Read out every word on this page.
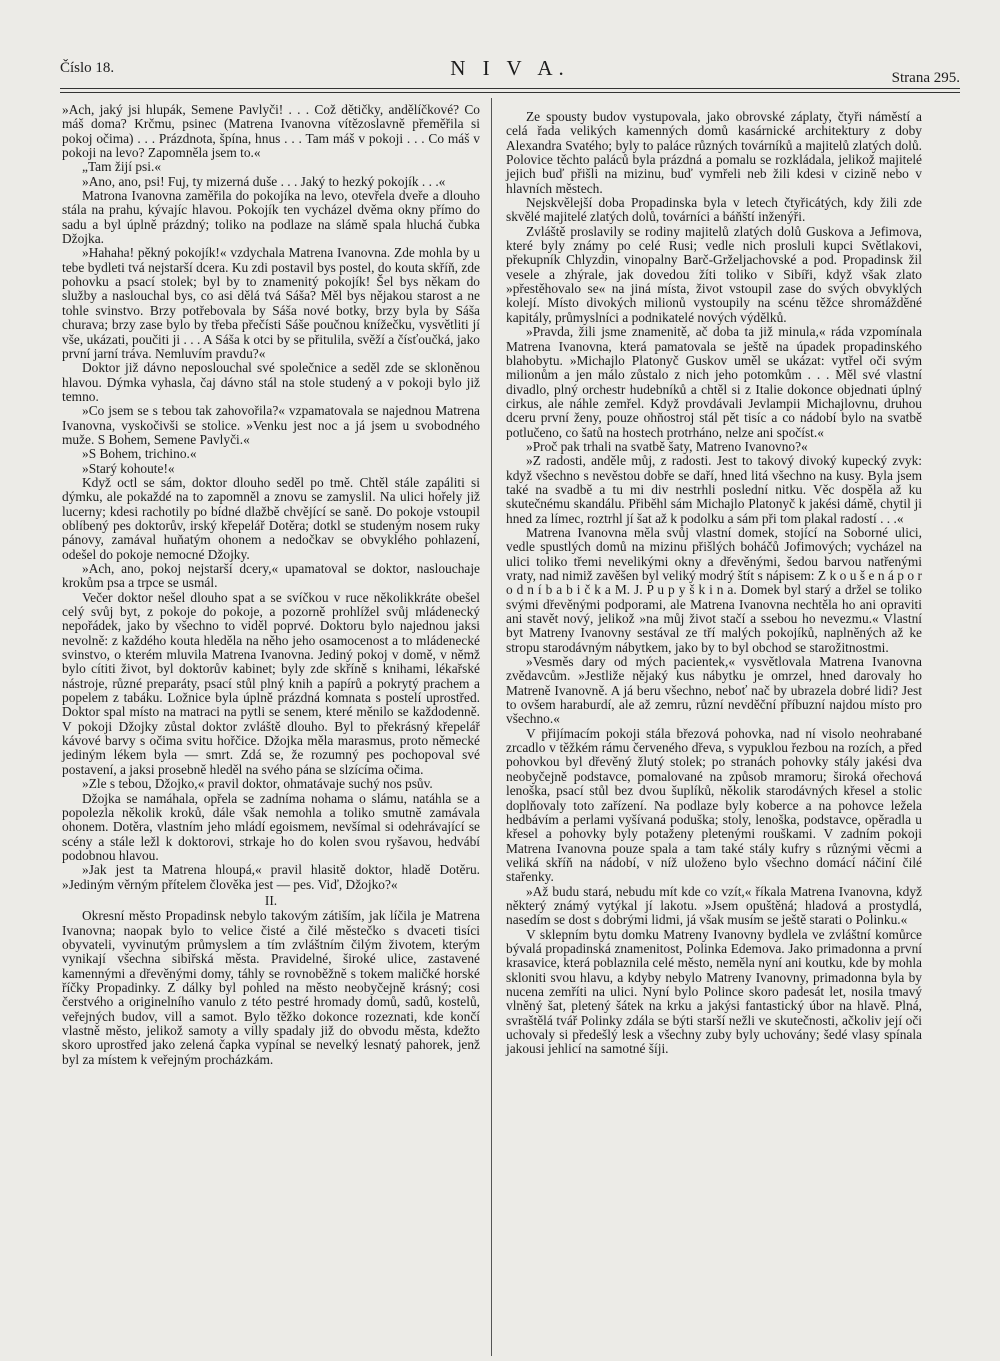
Číslo 18.	N I V A.	Strana 295.

»Ach, jaký jsi hlupák, Semene Pavlyči! . . . Což dětičky, andělíčkové? Co máš doma? Krčmu, psinec (Matrena Ivanovna vítězoslavně přeměřila si pokoj očima) . . . Prázdnota, špína, hnus . . . Tam máš v pokoji . . . Co máš v pokoji na levo? Zapomněla jsem to.«

„Tam žijí psi.«

»Ano, ano, psi! Fuj, ty mizerná duše . . . Jaký to hezký pokojík . . .«

Matrona Ivanovna zaměřila do pokojíka na levo, otevřela dveře a dlouho stála na prahu, kývajíc hlavou. Pokojík ten vycházel dvěma okny přímo do sadu a byl úplně prázdný; toliko na podlaze na slámě spala hluchá čubka Džojka.

»Hahaha! pěkný pokojík!« vzdychala Matrena Ivanovna. Zde mohla by u tebe bydleti tvá nejstarší dcera. Ku zdi postavil bys postel, do kouta skříň, zde pohovku a psací stolek; byl by to znamenitý pokojík! Šel bys někam do služby a naslouchal bys, co asi dělá tvá Sáša? Měl bys nějakou starost a ne tohle svinstvo. Brzy potřebovala by Sáša nové botky, brzy byla by Sáša churava; brzy zase bylo by třeba přečísti Sáše poučnou knížečku, vysvětliti jí vše, ukázati, poučiti ji . . . A Sáša k otci by se přitulila, svěží a čísťoučká, jako první jarní tráva. Nemluvím pravdu?«

Doktor již dávno neposlouchal své společnice a seděl zde se skloněnou hlavou. Dýmka vyhasla, čaj dávno stál na stole studený a v pokoji bylo již temno.

»Co jsem se s tebou tak zahovořila?« vzpamatovala se najednou Matrena Ivanovna, vyskočivši se stolice. »Venku jest noc a já jsem u svobodného muže. S Bohem, Semene Pavlyči.«

»S Bohem, trichino.«

»Starý kohoute!«

Když octl se sám, doktor dlouho seděl po tmě. Chtěl stále zapáliti si dýmku, ale pokaždé na to zapomněl a znovu se zamyslil. Na ulici hořely již lucerny; kdesi rachotily po bídné dlažbě chvějící se saně. Do pokoje vstoupil oblíbený pes doktorův, irský křepelář Dotěra; dotkl se studeným nosem ruky pánovy, zamával huňatým ohonem a nedočkav se obvyklého pohlazení, odešel do pokoje nemocné Džojky.

»Ach, ano, pokoj nejstarší dcery,« upamatoval se doktor, naslouchaje krokům psa a trpce se usmál.

Večer doktor nešel dlouho spat a se svíčkou v ruce několikkráte obešel celý svůj byt, z pokoje do pokoje, a pozorně prohlížel svůj mládenecký nepořádek, jako by všechno to viděl poprvé. Doktoru bylo najednou jaksi nevolně: z každého kouta hleděla na něho jeho osamocenost a to mládenecké svinstvo, o kterém mluvila Matrena Ivanovna. Jediný pokoj v domě, v němž bylo cítiti život, byl doktorův kabinet; byly zde skříně s knihami, lékařské nástroje, různé preparáty, psací stůl plný knih a papírů a pokrytý prachem a popelem z tabáku. Ložnice byla úplně prázdná komnata s postelí uprostřed. Doktor spal místo na matraci na pytli se senem, které měnilo se každodenně. V pokoji Džojky zůstal doktor zvláště dlouho. Byl to překrásný křepelář kávové barvy s očima svitu hořčice. Džojka měla marasmus, proto německé jediným lékem byla — smrt. Zdá se, že rozumný pes pochopoval své postavení, a jaksi prosebně hleděl na svého pána se slzícíma očima.

»Zle s tebou, Džojko,« pravil doktor, ohmatávaje suchý nos psův.

Džojka se namáhala, opřela se zadníma nohama o slámu, natáhla se a popolezla několik kroků, dále však nemohla a toliko smutně zamávala ohonem. Dotěra, vlastním jeho mládí egoismem, nevšímal si odehrávající se scény a stále ležl k doktorovi, strkaje ho do kolen svou ryšavou, hedvábí podobnou hlavou.

»Jak jest ta Matrena hloupá,« pravil hlasitě doktor, hladě Dotěru. »Jediným věrným přítelem člověka jest — pes. Viď, Džojko?«

II.

Okresní město Propadinsk nebylo takovým zátiším, jak líčila je Matrena Ivanovna; naopak bylo to velice čisté a čilé městečko s dvaceti tisíci obyvateli, vyvinutým průmyslem a tím zvláštním čilým životem, kterým vynikají všechna sibiřská města. Pravidelné, široké ulice, zastavené kamennými a dřevěnými domy, táhly se rovnoběžně s tokem maličké horské říčky Propadinky. Z dálky byl pohled na město neobyčejně krásný; cosi čerstvého a originelního vanulo z této pestré hromady domů, sadů, kostelů, veřejných budov, vill a samot. Bylo těžko dokonce rozeznati, kde končí vlastně město, jelikož samoty a villy spadaly již do obvodu města, kdežto skoro uprostřed jako zelená čapka vypínal se nevelký lesnatý pahorek, jenž byl za místem k veřejným procházkám.

Ze spousty budov vystupovala, jako obrovské záplaty, čtyři náměstí a celá řada velikých kamenných domů kasárnické architektury z doby Alexandra Svatého; byly to paláce různých továrníků a majitelů zlatých dolů. Polovice těchto paláců byla prázdná a pomalu se rozkládala, jelikož majitelé jejich buď přišli na mizinu, buď vymřeli neb žili kdesi v cizině nebo v hlavních městech.

Nejskvělejší doba Propadinska byla v letech čtyřicátých, kdy žili zde skvělé majitelé zlatých dolů, továrníci a báňští inženýři.

Zvláště proslavily se rodiny majitelů zlatých dolů Guskova a Jefimova, které byly známy po celé Rusi; vedle nich prosluli kupci Světlakovi, překupník Chlyzdin, vinopalny Barč-Grželjachovské a pod. Propadinsk žil vesele a zhýrale, jak dovedou žíti toliko v Sibíři, když však zlato »přestěhovalo se« na jiná místa, život vstoupil zase do svých obvyklých kolejí. Místo divokých milionů vystoupily na scénu těžce shromážděné kapitály, průmyslníci a podnikatelé nových výdělků.

»Pravda, žili jsme znamenitě, ač doba ta již minula,« ráda vzpomínala Matrena Ivanovna, která pamatovala se ještě na úpadek propadinského blahobytu. »Michajlo Platonyč Guskov uměl se ukázat: vytřel oči svým milionům a jen málo zůstalo z nich jeho potomkům . . . Měl své vlastní divadlo, plný orchestr hudebníků a chtěl si z Italie dokonce objednati úplný cirkus, ale náhle zemřel. Když provdávali Jevlampii Michajlovnu, druhou dceru první ženy, pouze ohňostroj stál pět tisíc a co nádobí bylo na svatbě potlučeno, co šatů na hostech protrháno, nelze ani spočíst.«

»Proč pak trhali na svatbě šaty, Matreno Ivanovno?«

»Z radosti, anděle můj, z radosti. Jest to takový divoký kupecký zvyk: když všechno s nevěstou dobře se daří, hned litá všechno na kusy. Byla jsem také na svadbě a tu mi div nestrhli poslední nitku. Věc dospěla až ku skutečnému skandálu. Přiběhl sám Michajlo Platonyč k jakési dámě, chytil ji hned za límec, roztrhl jí šat až k podolku a sám při tom plakal radostí . . .«

Matrena Ivanovna měla svůj vlastní domek, stojící na Soborné ulici, vedle spustlých domů na mizinu přišlých boháčů Jofimových; vycházel na ulici toliko třemi nevelikými okny a dřevěnými, šedou barvou natřenými vraty, nad nimiž zavěšen byl veliký modrý štít s nápisem: Z k o u š e n á p o r o d n í b a b i č k a M. J. P u p y š k i n a. Domek byl starý a držel se toliko svými dřevěnými podporami, ale Matrena Ivanovna nechtěla ho ani opraviti ani stavět nový, jelikož »na můj život stačí a ssebou ho nevezmu.« Vlastní byt Matreny Ivanovny sestával ze tří malých pokojíků, naplněných až ke stropu starodávným nábytkem, jako by to byl obchod se starožitnostmi.

»Vesměs dary od mých pacientek,« vysvětlovala Matrena Ivanovna zvědavcům. »Jestliže nějaký kus nábytku je omrzel, hned darovaly ho Matreně Ivanovně. A já beru všechno, neboť nač by ubrazela dobré lidi? Jest to ovšem haraburdí, ale až zemru, různí nevděční příbuzní najdou místo pro všechno.«

V přijímacím pokoji stála březová pohovka, nad ní visolo neohrabané zrcadlo v těžkém rámu červeného dřeva, s vypuklou řezbou na rozích, a před pohovkou byl dřevěný žlutý stolek; po stranách pohovky stály jakési dva neobyčejně podstavce, pomalované na způsob mramoru; široká ořechová lenoška, psací stůl bez dvou šuplíků, několik starodávných křesel a stolic doplňovaly toto zařízení. Na podlaze byly koberce a na pohovce ležela hedbávím a perlami vyšívaná poduška; stoly, lenoška, podstavce, opěradla u křesel a pohovky byly potaženy pletenými rouškami. V zadním pokoji Matrena Ivanovna pouze spala a tam také stály kufry s různými věcmi a veliká skříň na nádobí, v níž uloženo bylo všechno domácí náčiní čilé stařenky.

»Až budu stará, nebudu mít kde co vzít,« říkala Matrena Ivanovna, když některý známý vytýkal jí lakotu. »Jsem opuštěná; hladová a prostydlá, nasedím se dost s dobrými lidmi, já však musím se ještě starati o Polinku.«

V sklepním bytu domku Matreny Ivanovny bydlela ve zvláštní komůrce bývalá propadinská znamenitost, Polinka Edemova. Jako primadonna a první krasavice, která poblaznila celé město, neměla nyní ani koutku, kde by mohla skloniti svou hlavu, a kdyby nebylo Matreny Ivanovny, primadonna byla by nucena zemříti na ulici. Nyní bylo Polince skoro padesát let, nosila tmavý vlněný šat, pletený šátek na krku a jakýsi fantastický úbor na hlavě. Plná, svraštělá tvář Polinky zdála se býti starší nežli ve skutečnosti, ačkoliv její oči uchovaly si předešlý lesk a všechny zuby byly uchovány; šedé vlasy spínala jakousi jehlicí na samotné šíji.
